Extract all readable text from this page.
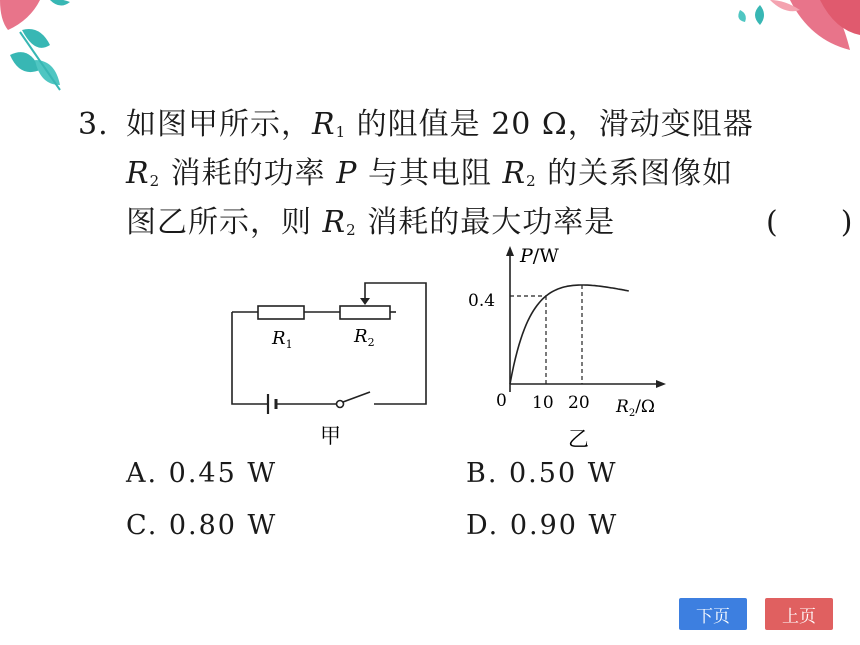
3. 如图甲所示，$R_1$ 的阻值是 20 Ω，滑动变阻器
$R_2$ 消耗的功率 P 与其电阻 $R_2$ 的关系图像如
图乙所示，则 $R_2$ 消耗的最大功率是	(　　)
$R_1$	$R_2$
甲
P/W
0.4
0 10 20 $R_2/\Omega$
乙
A. 0.45 W	B. 0.50 W
C. 0.80 W	D. 0.90 W
下页	上页
